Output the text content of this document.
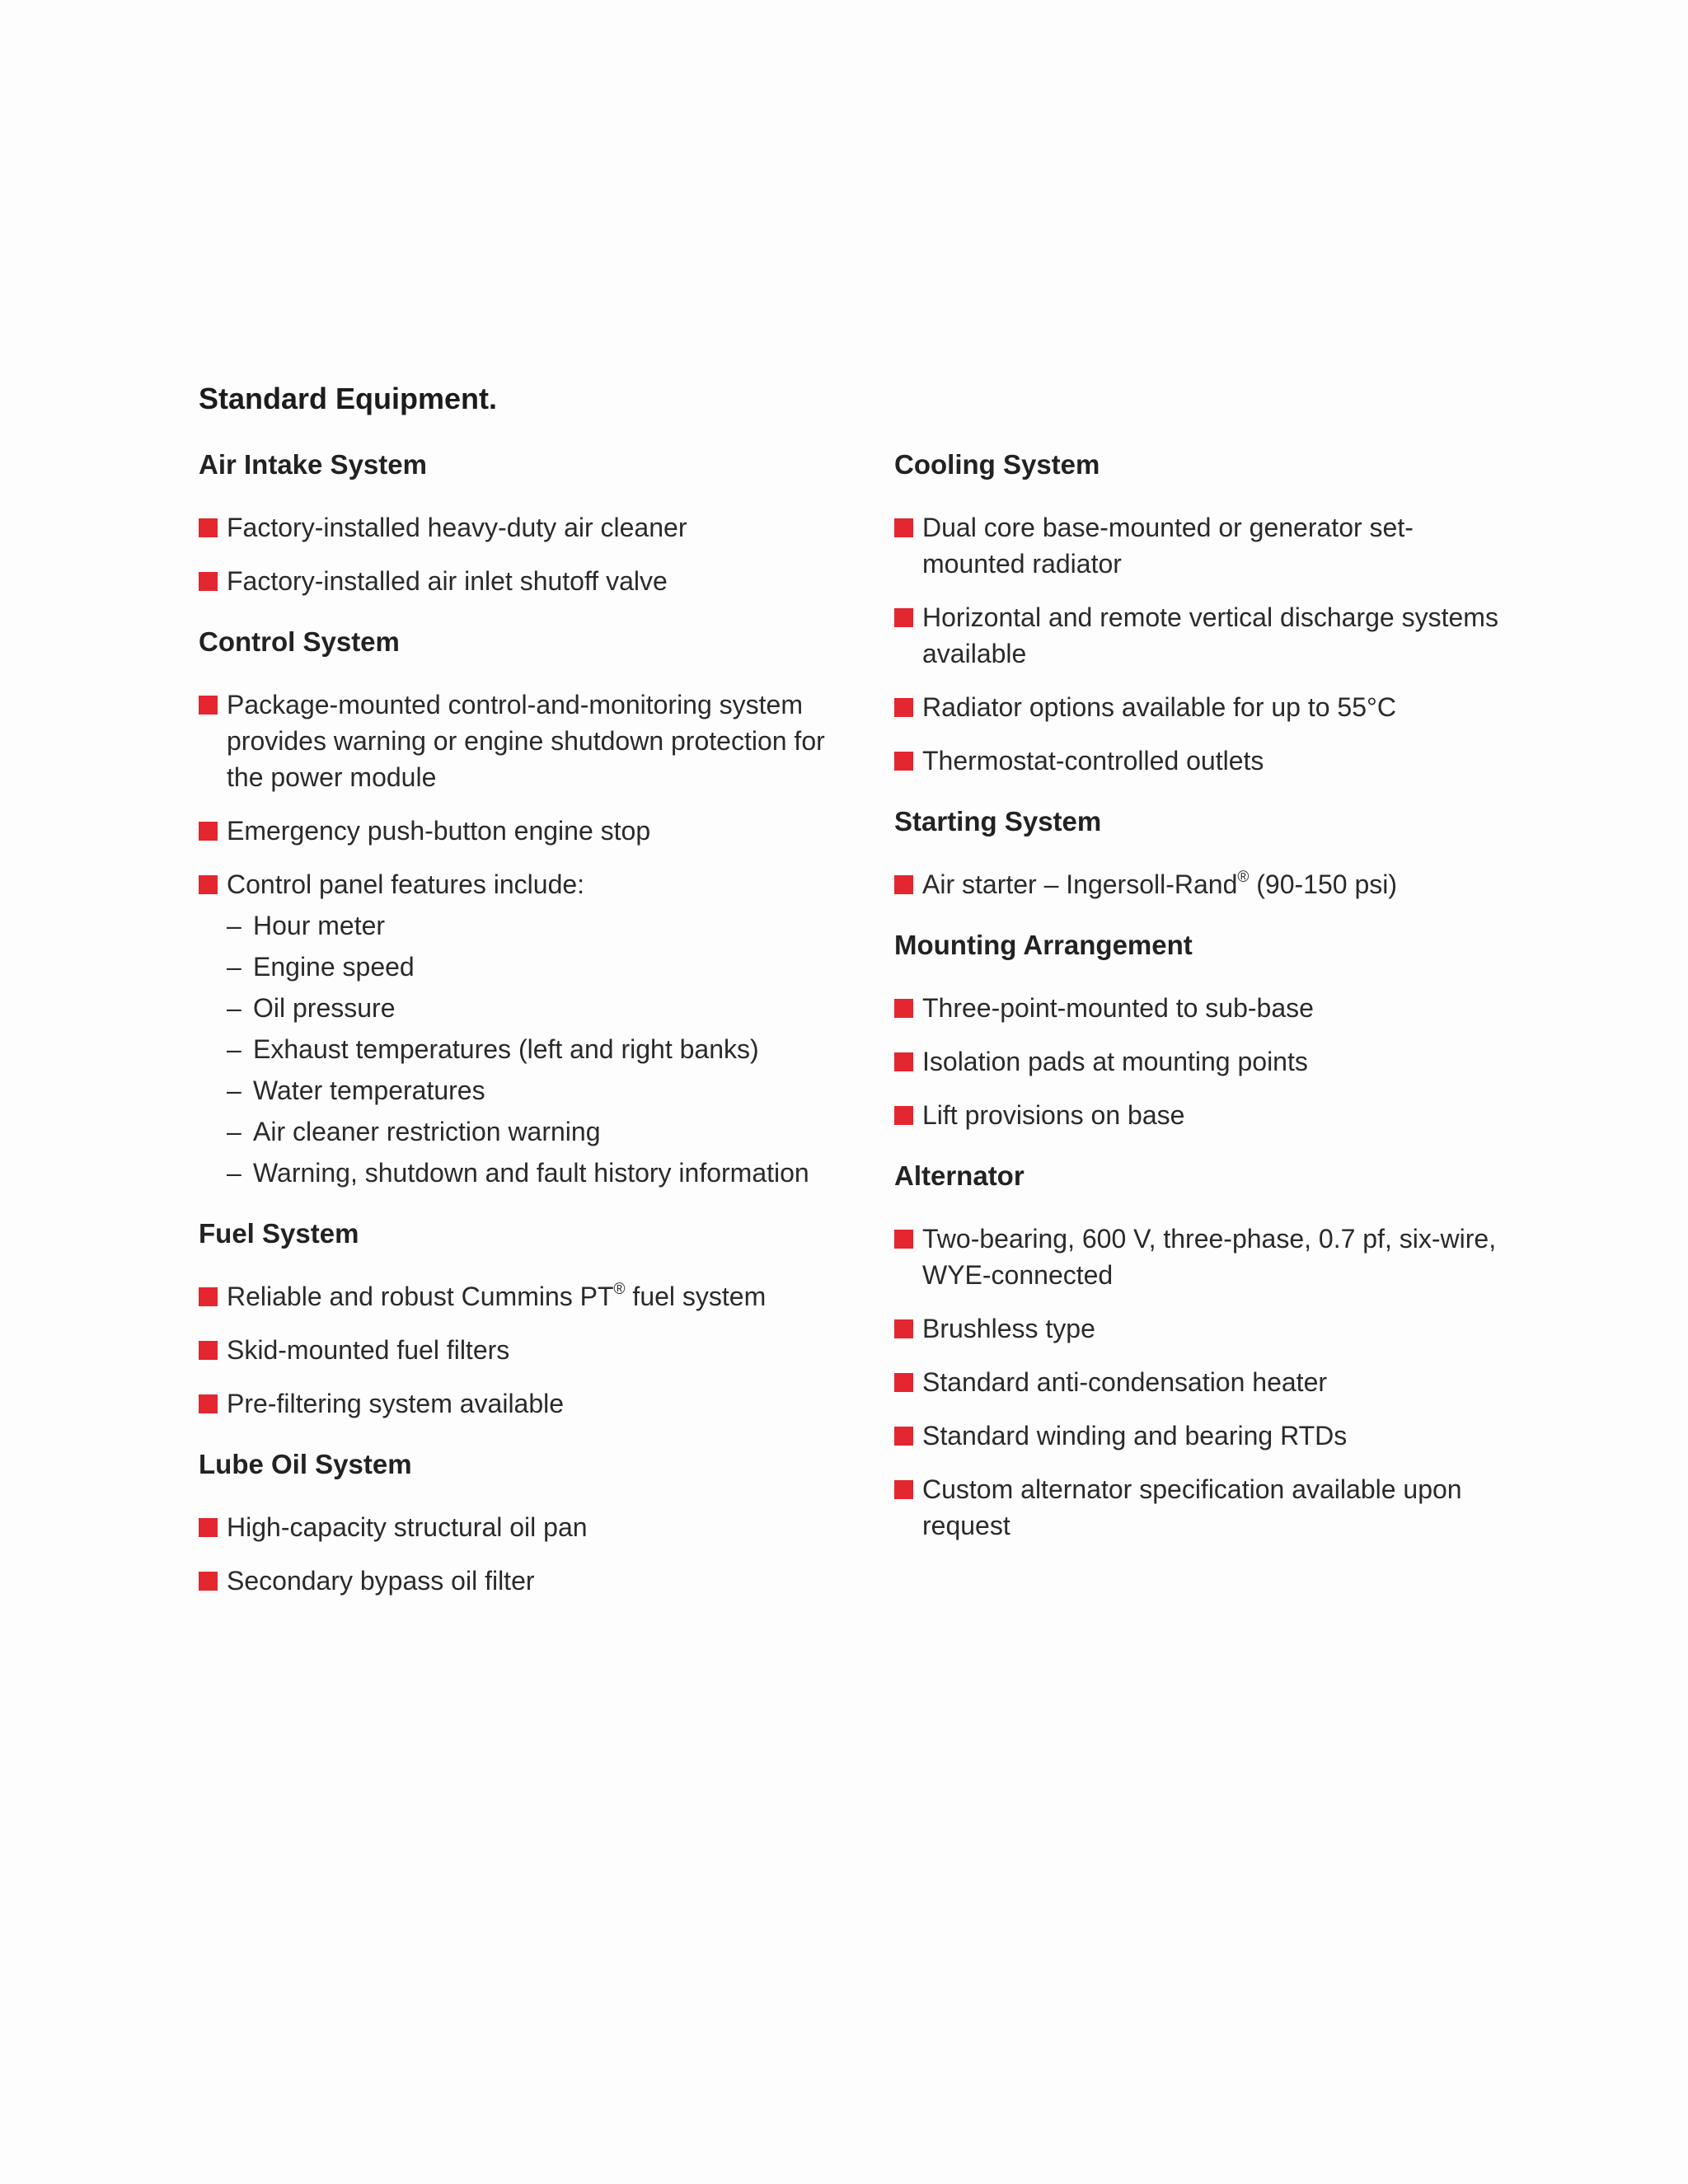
Standard Equipment.
Air Intake System
Factory-installed heavy-duty air cleaner
Factory-installed air inlet shutoff valve
Control System
Package-mounted control-and-monitoring system provides warning or engine shutdown protection for the power module
Emergency push-button engine stop
Control panel features include:
– Hour meter
– Engine speed
– Oil pressure
– Exhaust temperatures (left and right banks)
– Water temperatures
– Air cleaner restriction warning
– Warning, shutdown and fault history information
Fuel System
Reliable and robust Cummins PT® fuel system
Skid-mounted fuel filters
Pre-filtering system available
Lube Oil System
High-capacity structural oil pan
Secondary bypass oil filter
Cooling System
Dual core base-mounted or generator set-mounted radiator
Horizontal and remote vertical discharge systems available
Radiator options available for up to 55°C
Thermostat-controlled outlets
Starting System
Air starter – Ingersoll-Rand® (90-150 psi)
Mounting Arrangement
Three-point-mounted to sub-base
Isolation pads at mounting points
Lift provisions on base
Alternator
Two-bearing, 600 V, three-phase, 0.7 pf, six-wire, WYE-connected
Brushless type
Standard anti-condensation heater
Standard winding and bearing RTDs
Custom alternator specification available upon request
